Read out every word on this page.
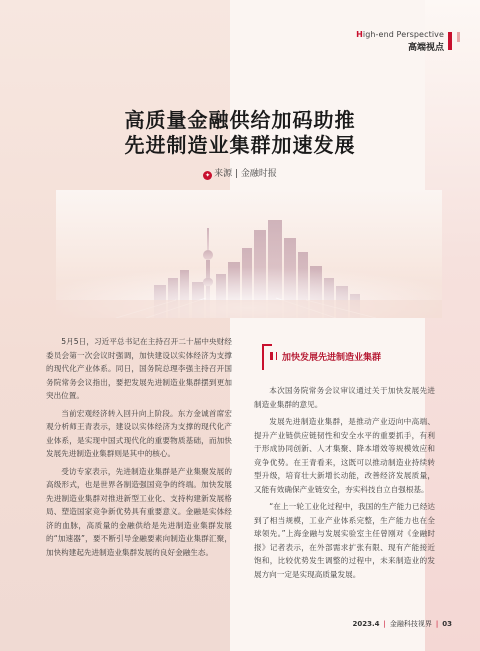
High-end Perspective
高端视点
高质量金融供给加码助推
先进制造业集群加速发展
✦ 来源 | 金融时报

5月5日，习近平总书记在主持召开二十届中央财经委员会第一次会议时强调，加快建设以实体经济为支撑的现代化产业体系。同日，国务院总理李强主持召开国务院常务会议指出，要把发展先进制造业集群摆到更加突出位置。

当前宏观经济转入回升向上阶段。东方金诚首席宏观分析师王青表示，建设以实体经济为支撑的现代化产业体系，是实现中国式现代化的重要物质基础，而加快发展先进制造业集群则是其中的核心。

受访专家表示，先进制造业集群是产业集聚发展的高级形式，也是世界各制造强国竞争的终端。加快发展先进制造业集群对推进新型工业化、支持构建新发展格局、塑造国家竞争新优势具有重要意义。金融是实体经济的血脉，高质量的金融供给是先进制造业集群发展的“加速器”，要不断引导金融要素向制造业集群汇聚，加快构建起先进制造业集群发展的良好金融生态。

加快发展先进制造业集群

本次国务院常务会议审议通过关于加快发展先进制造业集群的意见。

发展先进制造业集群，是推动产业迈向中高端、提升产业链供应链韧性和安全水平的重要抓手，有利于形成协同创新、人才集聚、降本增效等规模效应和竞争优势。在王青看来，这既可以推动制造业持续转型升级，培育壮大新增长动能，改善经济发展质量，又能有效确保产业链安全，夯实科技自立自强根基。

“在上一轮工业化过程中，我国的生产能力已经达到了相当规模，工业产业体系完整，生产能力也在全球领先。”上海金融与发展实验室主任曾刚对《金融时报》记者表示，在外部需求扩张有限、现有产能接近饱和，比较优势发生调整的过程中，未来制造业的发展方向一定是实现高质量发展。

2023.4 | 金融科技视界 | 03
